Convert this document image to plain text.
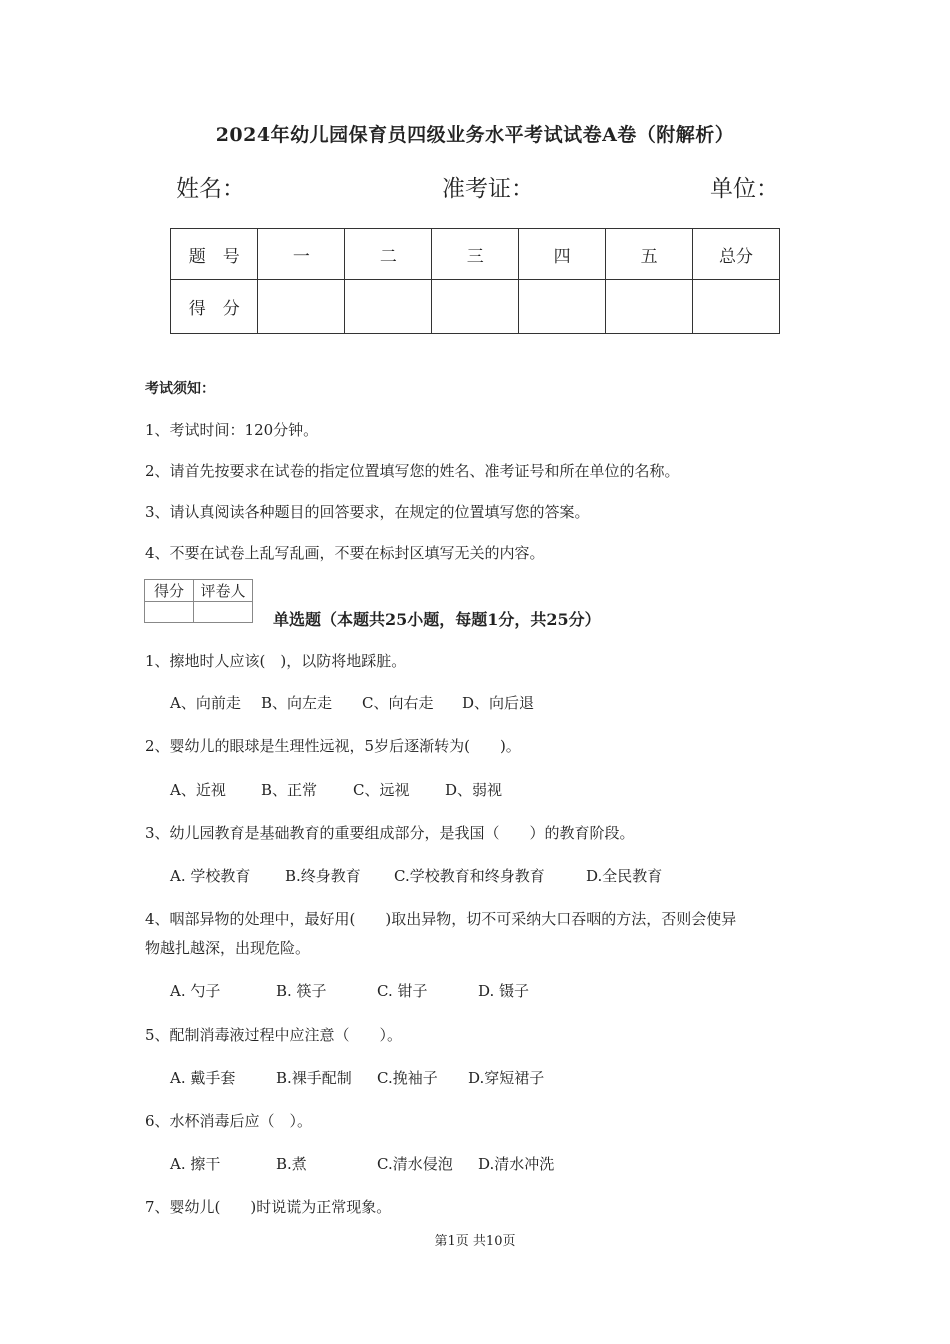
2024年幼儿园保育员四级业务水平考试试卷A卷（附解析）
姓名：	准考证：	单位：
题　号	一	二	三	四	五	总分
得　分						
考试须知：
1、考试时间：120分钟。
2、请首先按要求在试卷的指定位置填写您的姓名、准考证号和所在单位的名称。
3、请认真阅读各种题目的回答要求，在规定的位置填写您的答案。
4、不要在试卷上乱写乱画，不要在标封区填写无关的内容。
得分	评卷人

单选题（本题共25小题，每题1分，共25分）
1、擦地时人应该(　)，以防将地踩脏。
A、向前走 B、向左走 C、向右走 D、向后退
2、婴幼儿的眼球是生理性远视，5岁后逐渐转为(　　)。
A、近视 B、正常 C、远视 D、弱视
3、幼儿园教育是基础教育的重要组成部分，是我国（　　）的教育阶段。
A. 学校教育 B.终身教育 C.学校教育和终身教育	D.全民教育
4、咽部异物的处理中，最好用(　　)取出异物，切不可采纳大口吞咽的方法，否则会使异
物越扎越深，出现危险。
A. 勺子	B. 筷子	C. 钳子	D. 镊子
5、配制消毒液过程中应注意（　　）。
A. 戴手套	B.裸手配制 C.挽袖子 D.穿短裙子
6、水杯消毒后应（　）。
A. 擦干	B.煮	C.清水侵泡 D.清水冲洗
7、婴幼儿(　　)时说谎为正常现象。
第1页 共10页
